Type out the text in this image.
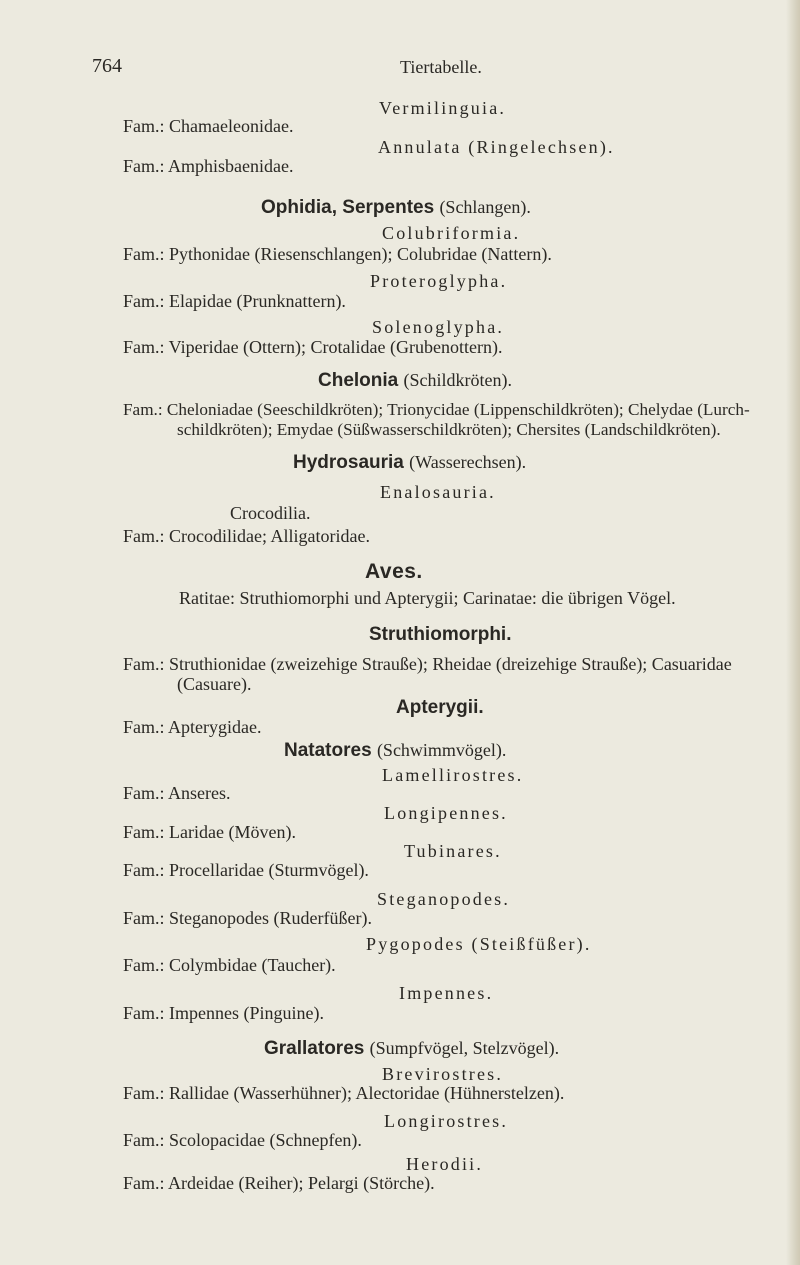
764	Tiertabelle.
Vermilinguia.
Fam.: Chamaeleonidae.
Annulata (Ringelechsen).
Fam.: Amphisbaenidae.
Ophidia, Serpentes (Schlangen).
Colubriformia.
Fam.: Pythonidae (Riesenschlangen); Colubridae (Nattern).
Proteroglypha.
Fam.: Elapidae (Prunknattern).
Solenoglypha.
Fam.: Viperidae (Ottern); Crotalidae (Grubenottern).
Chelonia (Schildkröten).
Fam.: Cheloniadae (Seeschildkröten); Trionycidae (Lippenschildkröten); Chelydae (Lurch-
schildkröten); Emydae (Süßwasserschildkröten); Chersites (Landschildkröten).
Hydrosauria (Wasserechsen).
Enalosauria.
Crocodilia.
Fam.: Crocodilidae; Alligatoridae.
Aves.
Ratitae: Struthiomorphi und Apterygii; Carinatae: die übrigen Vögel.
Struthiomorphi.
Fam.: Struthionidae (zweizehige Strauße); Rheidae (dreizehige Strauße); Casuaridae
(Casuare).
Apterygii.
Fam.: Apterygidae.
Natatores (Schwimmvögel).
Lamellirostres.
Fam.: Anseres.
Longipennes.
Fam.: Laridae (Möven).
Tubinares.
Fam.: Procellaridae (Sturmvögel).
Steganopodes.
Fam.: Steganopodes (Ruderfüßer).
Pygopodes (Steißfüßer).
Fam.: Colymbidae (Taucher).
Impennes.
Fam.: Impennes (Pinguine).
Grallatores (Sumpfvögel, Stelzvögel).
Brevirostres.
Fam.: Rallidae (Wasserhühner); Alectoridae (Hühnerstelzen).
Longirostres.
Fam.: Scolopacidae (Schnepfen).
Herodii.
Fam.: Ardeidae (Reiher); Pelargi (Störche).
